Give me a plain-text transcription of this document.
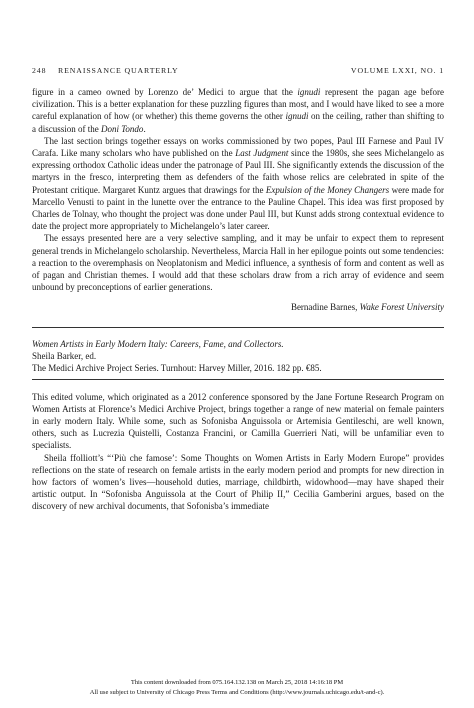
248 RENAISSANCE QUARTERLY	VOLUME LXXI, NO. 1

figure in a cameo owned by Lorenzo de’ Medici to argue that the ignudi represent the pagan age before civilization. This is a better explanation for these puzzling figures than most, and I would have liked to see a more careful explanation of how (or whether) this theme governs the other ignudi on the ceiling, rather than shifting to a discussion of the Doni Tondo.

The last section brings together essays on works commissioned by two popes, Paul III Farnese and Paul IV Carafa. Like many scholars who have published on the Last Judgment since the 1980s, she sees Michelangelo as expressing orthodox Catholic ideas under the patronage of Paul III. She significantly extends the discussion of the martyrs in the fresco, interpreting them as defenders of the faith whose relics are celebrated in spite of the Protestant critique. Margaret Kuntz argues that drawings for the Expulsion of the Money Changers were made for Marcello Venusti to paint in the lunette over the entrance to the Pauline Chapel. This idea was first proposed by Charles de Tolnay, who thought the project was done under Paul III, but Kunst adds strong contextual evidence to date the project more appropriately to Michelangelo’s later career.

The essays presented here are a very selective sampling, and it may be unfair to expect them to represent general trends in Michelangelo scholarship. Nevertheless, Marcia Hall in her epilogue points out some tendencies: a reaction to the overemphasis on Neoplatonism and Medici influence, a synthesis of form and content as well as of pagan and Christian themes. I would add that these scholars draw from a rich array of evidence and seem unbound by preconceptions of earlier generations.

Bernadine Barnes, Wake Forest University

Women Artists in Early Modern Italy: Careers, Fame, and Collectors.
Sheila Barker, ed.
The Medici Archive Project Series. Turnhout: Harvey Miller, 2016. 182 pp. €85.

This edited volume, which originated as a 2012 conference sponsored by the Jane Fortune Research Program on Women Artists at Florence’s Medici Archive Project, brings together a range of new material on female painters in early modern Italy. While some, such as Sofonisba Anguissola or Artemisia Gentileschi, are well known, others, such as Lucrezia Quistelli, Costanza Francini, or Camilla Guerrieri Nati, will be unfamiliar even to specialists.

Sheila ffolliott’s “‘Più che famose’: Some Thoughts on Women Artists in Early Modern Europe” provides reflections on the state of research on female artists in the early modern period and prompts for new direction in how factors of women’s lives—household duties, marriage, childbirth, widowhood—may have shaped their artistic output. In “Sofonisba Anguissola at the Court of Philip II,” Cecilia Gamberini argues, based on the discovery of new archival documents, that Sofonisba’s immediate

This content downloaded from 075.164.132.138 on March 25, 2018 14:16:18 PM
All use subject to University of Chicago Press Terms and Conditions (http://www.journals.uchicago.edu/t-and-c).
